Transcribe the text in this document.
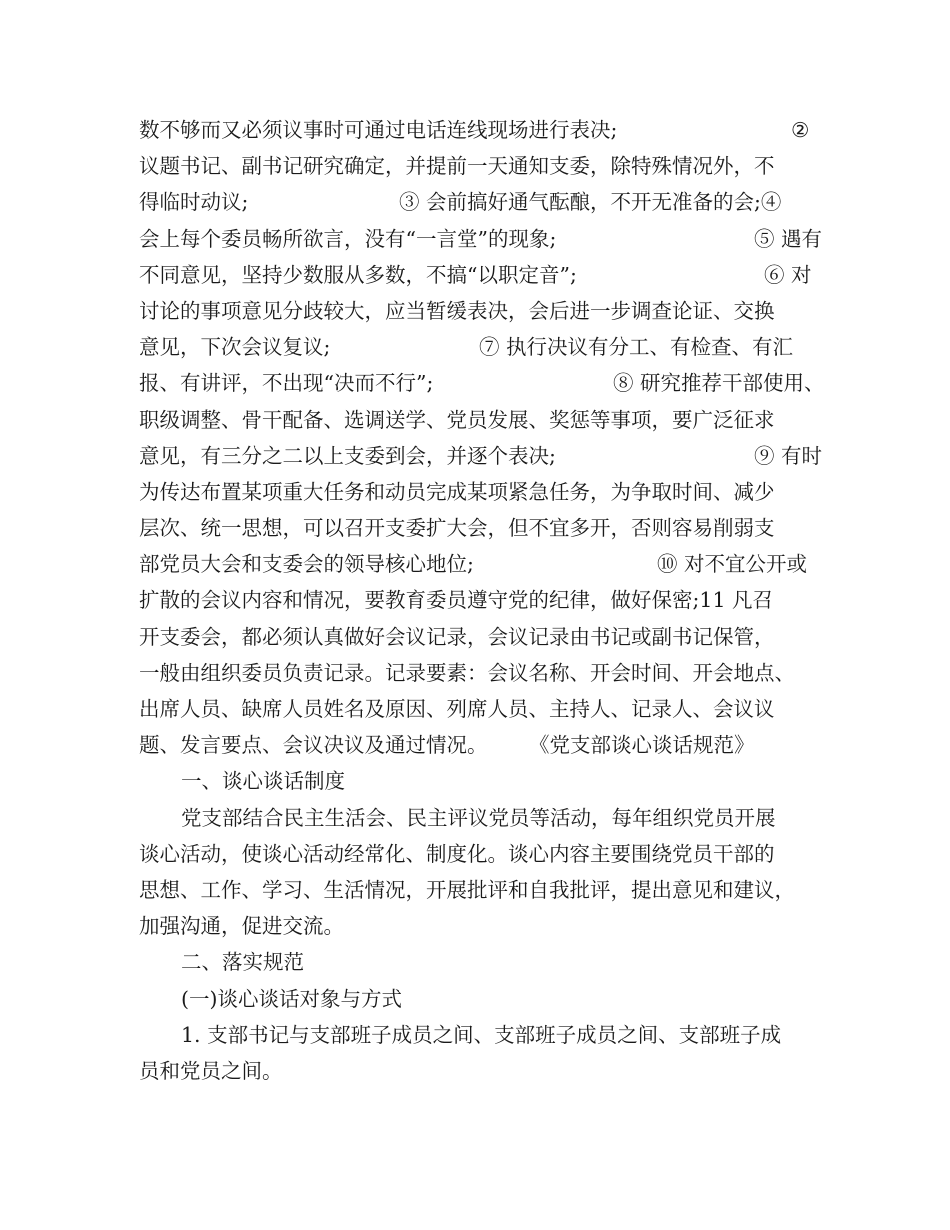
数不够而又必须议事时可通过电话连线现场进行表决;	②
议题书记、副书记研究确定，并提前一天通知支委，除特殊情况外，不
得临时动议;	③ 会前搞好通气酝酿，不开无准备的会;④
会上每个委员畅所欲言，没有“一言堂”的现象;	⑤ 遇有
不同意见，坚持少数服从多数，不搞“以职定音”;	⑥ 对
讨论的事项意见分歧较大，应当暂缓表决，会后进一步调查论证、交换
意见，下次会议复议;	⑦ 执行决议有分工、有检查、有汇
报、有讲评，不出现“决而不行”;	⑧ 研究推荐干部使用、
职级调整、骨干配备、选调送学、党员发展、奖惩等事项，要广泛征求
意见，有三分之二以上支委到会，并逐个表决;	⑨ 有时
为传达布置某项重大任务和动员完成某项紧急任务，为争取时间、减少
层次、统一思想，可以召开支委扩大会，但不宜多开，否则容易削弱支
部党员大会和支委会的领导核心地位;	⑩ 对不宜公开或
扩散的会议内容和情况，要教育委员遵守党的纪律，做好保密;11 凡召
开支委会，都必须认真做好会议记录，会议记录由书记或副书记保管，
一般由组织委员负责记录。记录要素：会议名称、开会时间、开会地点、
出席人员、缺席人员姓名及原因、列席人员、主持人、记录人、会议议
题、发言要点、会议决议及通过情况。 《党支部谈心谈话规范》
一、谈心谈话制度
党支部结合民主生活会、民主评议党员等活动，每年组织党员开展
谈心活动，使谈心活动经常化、制度化。谈心内容主要围绕党员干部的
思想、工作、学习、生活情况，开展批评和自我批评，提出意见和建议，
加强沟通，促进交流。
二、落实规范
(一)谈心谈话对象与方式
1. 支部书记与支部班子成员之间、支部班子成员之间、支部班子成
员和党员之间。
